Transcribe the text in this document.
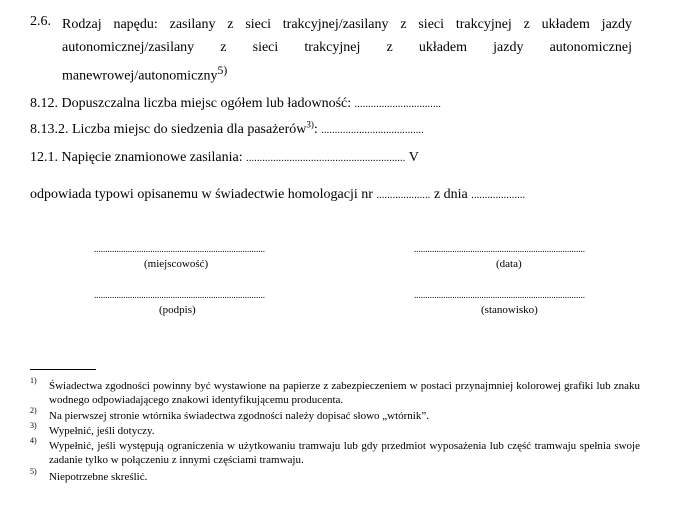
2.6. Rodzaj napędu: zasilany z sieci trakcyjnej/zasilany z sieci trakcyjnej z układem jazdy
autonomicznej/zasilany z sieci trakcyjnej z układem jazdy autonomicznej
manewrowej/autonomiczny$^{5)}$
8.12. Dopuszczalna liczba miejsc ogółem lub ładowność: ................................
8.13.2. Liczba miejsc do siedzenia dla pasażerów$^{3)}$: ......................................
12.1. Napięcie znamionowe zasilania: ........................................................... V
odpowiada typowi opisanemu w świadectwie homologacji nr .................... z dnia ....................
............................................................................
(miejscowość)
............................................................................
(data)
............................................................................
(podpis)
............................................................................
(stanowisko)
1) Świadectwa zgodności powinny być wystawione na papierze z zabezpieczeniem w postaci przynajmniej kolorowej grafiki lub znaku wodnego odpowiadającego znakowi identyfikującemu producenta.
2) Na pierwszej stronie wtórnika świadectwa zgodności należy dopisać słowo „wtórnik”.
3) Wypełnić, jeśli dotyczy.
4) Wypełnić, jeśli występują ograniczenia w użytkowaniu tramwaju lub gdy przedmiot wyposażenia lub część tramwaju spełnia swoje zadanie tylko w połączeniu z innymi częściami tramwaju.
5) Niepotrzebne skreślić.
